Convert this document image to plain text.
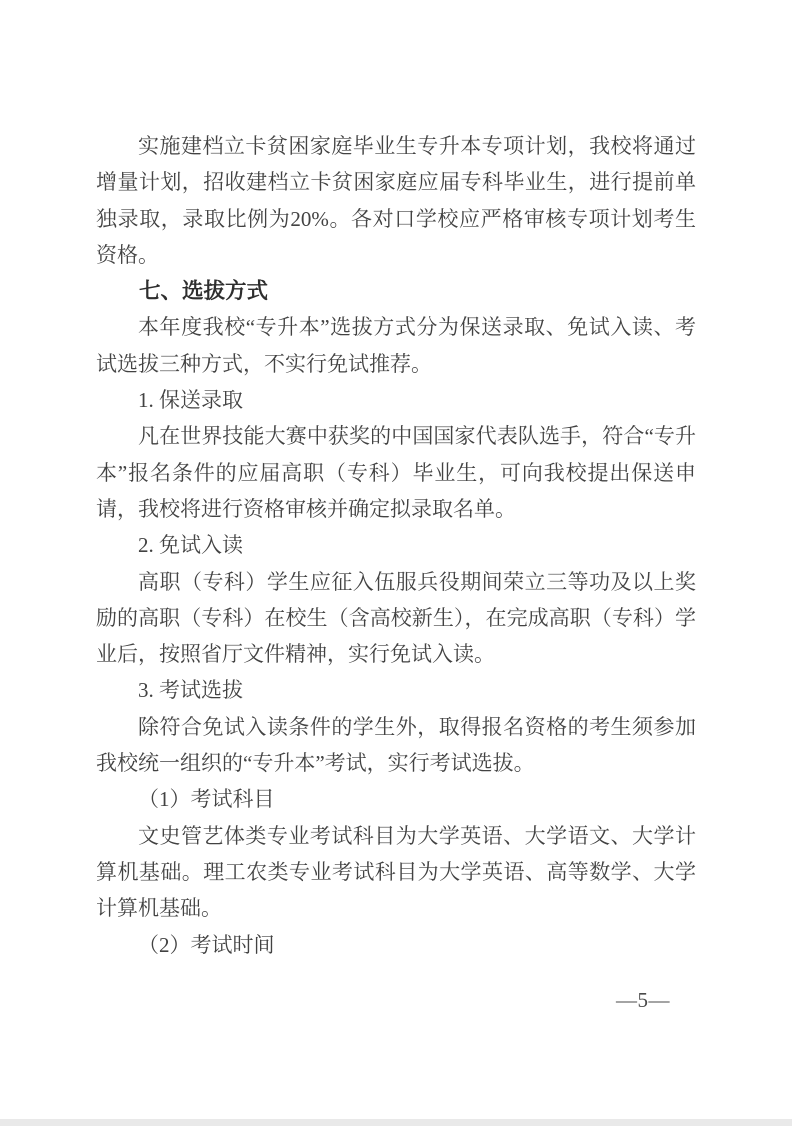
实施建档立卡贫困家庭毕业生专升本专项计划，我校将通过增量计划，招收建档立卡贫困家庭应届专科毕业生，进行提前单独录取，录取比例为20%。各对口学校应严格审核专项计划考生资格。

七、选拔方式

本年度我校“专升本”选拔方式分为保送录取、免试入读、考试选拔三种方式，不实行免试推荐。

1. 保送录取

凡在世界技能大赛中获奖的中国国家代表队选手，符合“专升本”报名条件的应届高职（专科）毕业生，可向我校提出保送申请，我校将进行资格审核并确定拟录取名单。

2. 免试入读

高职（专科）学生应征入伍服兵役期间荣立三等功及以上奖励的高职（专科）在校生（含高校新生），在完成高职（专科）学业后，按照省厅文件精神，实行免试入读。

3. 考试选拔

除符合免试入读条件的学生外，取得报名资格的考生须参加我校统一组织的“专升本”考试，实行考试选拔。

（1）考试科目

文史管艺体类专业考试科目为大学英语、大学语文、大学计算机基础。理工农类专业考试科目为大学英语、高等数学、大学计算机基础。

（2）考试时间

—5—
